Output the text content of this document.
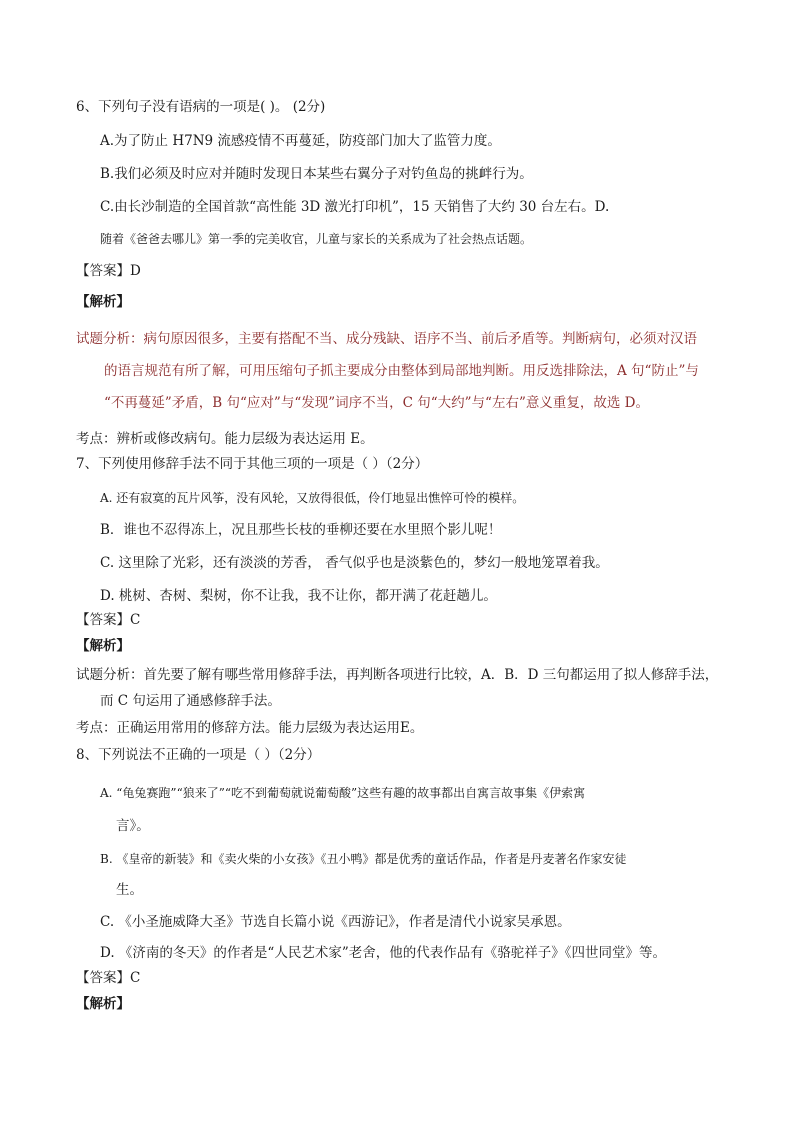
6、下列句子没有语病的一项是( )。 (2分)
A.为了防止 H7N9 流感疫情不再蔓延，防疫部门加大了监管力度。
B.我们必须及时应对并随时发现日本某些右翼分子对钓鱼岛的挑衅行为。
C.由长沙制造的全国首款“高性能 3D 激光打印机”，15 天销售了大约 30 台左右。D.
随着《爸爸去哪儿》第一季的完美收官，儿童与家长的关系成为了社会热点话题。
【答案】D
【解析】
试题分析：病句原因很多，主要有搭配不当、成分残缺、语序不当、前后矛盾等。判断病句，必须对汉语
的语言规范有所了解，可用压缩句子抓主要成分由整体到局部地判断。用反选排除法，A 句“防止”与
“不再蔓延”矛盾，B 句“应对”与“发现”词序不当，C 句“大约”与“左右”意义重复，故选 D。
考点：辨析或修改病句。能力层级为表达运用 E。
7、下列使用修辞手法不同于其他三项的一项是（ ）（2分）
A. 还有寂寞的瓦片风筝，没有风轮，又放得很低，伶仃地显出憔悴可怜的模样。
B．谁也不忍得冻上，况且那些长枝的垂柳还要在水里照个影儿呢！
C. 这里除了光彩，还有淡淡的芳香， 香气似乎也是淡紫色的，梦幻一般地笼罩着我。
D. 桃树、杏树、梨树，你不让我，我不让你，都开满了花赶趟儿。
【答案】C
【解析】
试题分析：首先要了解有哪些常用修辞手法，再判断各项进行比较，A．B．D 三句都运用了拟人修辞手法，
而 C 句运用了通感修辞手法。
考点：正确运用常用的修辞方法。能力层级为表达运用E。
8、下列说法不正确的一项是（ ）（2分）
A. “龟兔赛跑”“狼来了”“吃不到葡萄就说葡萄酸”这些有趣的故事都出自寓言故事集《伊索寓
言》。
B. 《皇帝的新装》和《卖火柴的小女孩》《丑小鸭》都是优秀的童话作品，作者是丹麦著名作家安徒
生。
C. 《小圣施威降大圣》节选自长篇小说《西游记》，作者是清代小说家吴承恩。
D. 《济南的冬天》的作者是“人民艺术家”老舍，他的代表作品有《骆驼祥子》《四世同堂》等。
【答案】C
【解析】
